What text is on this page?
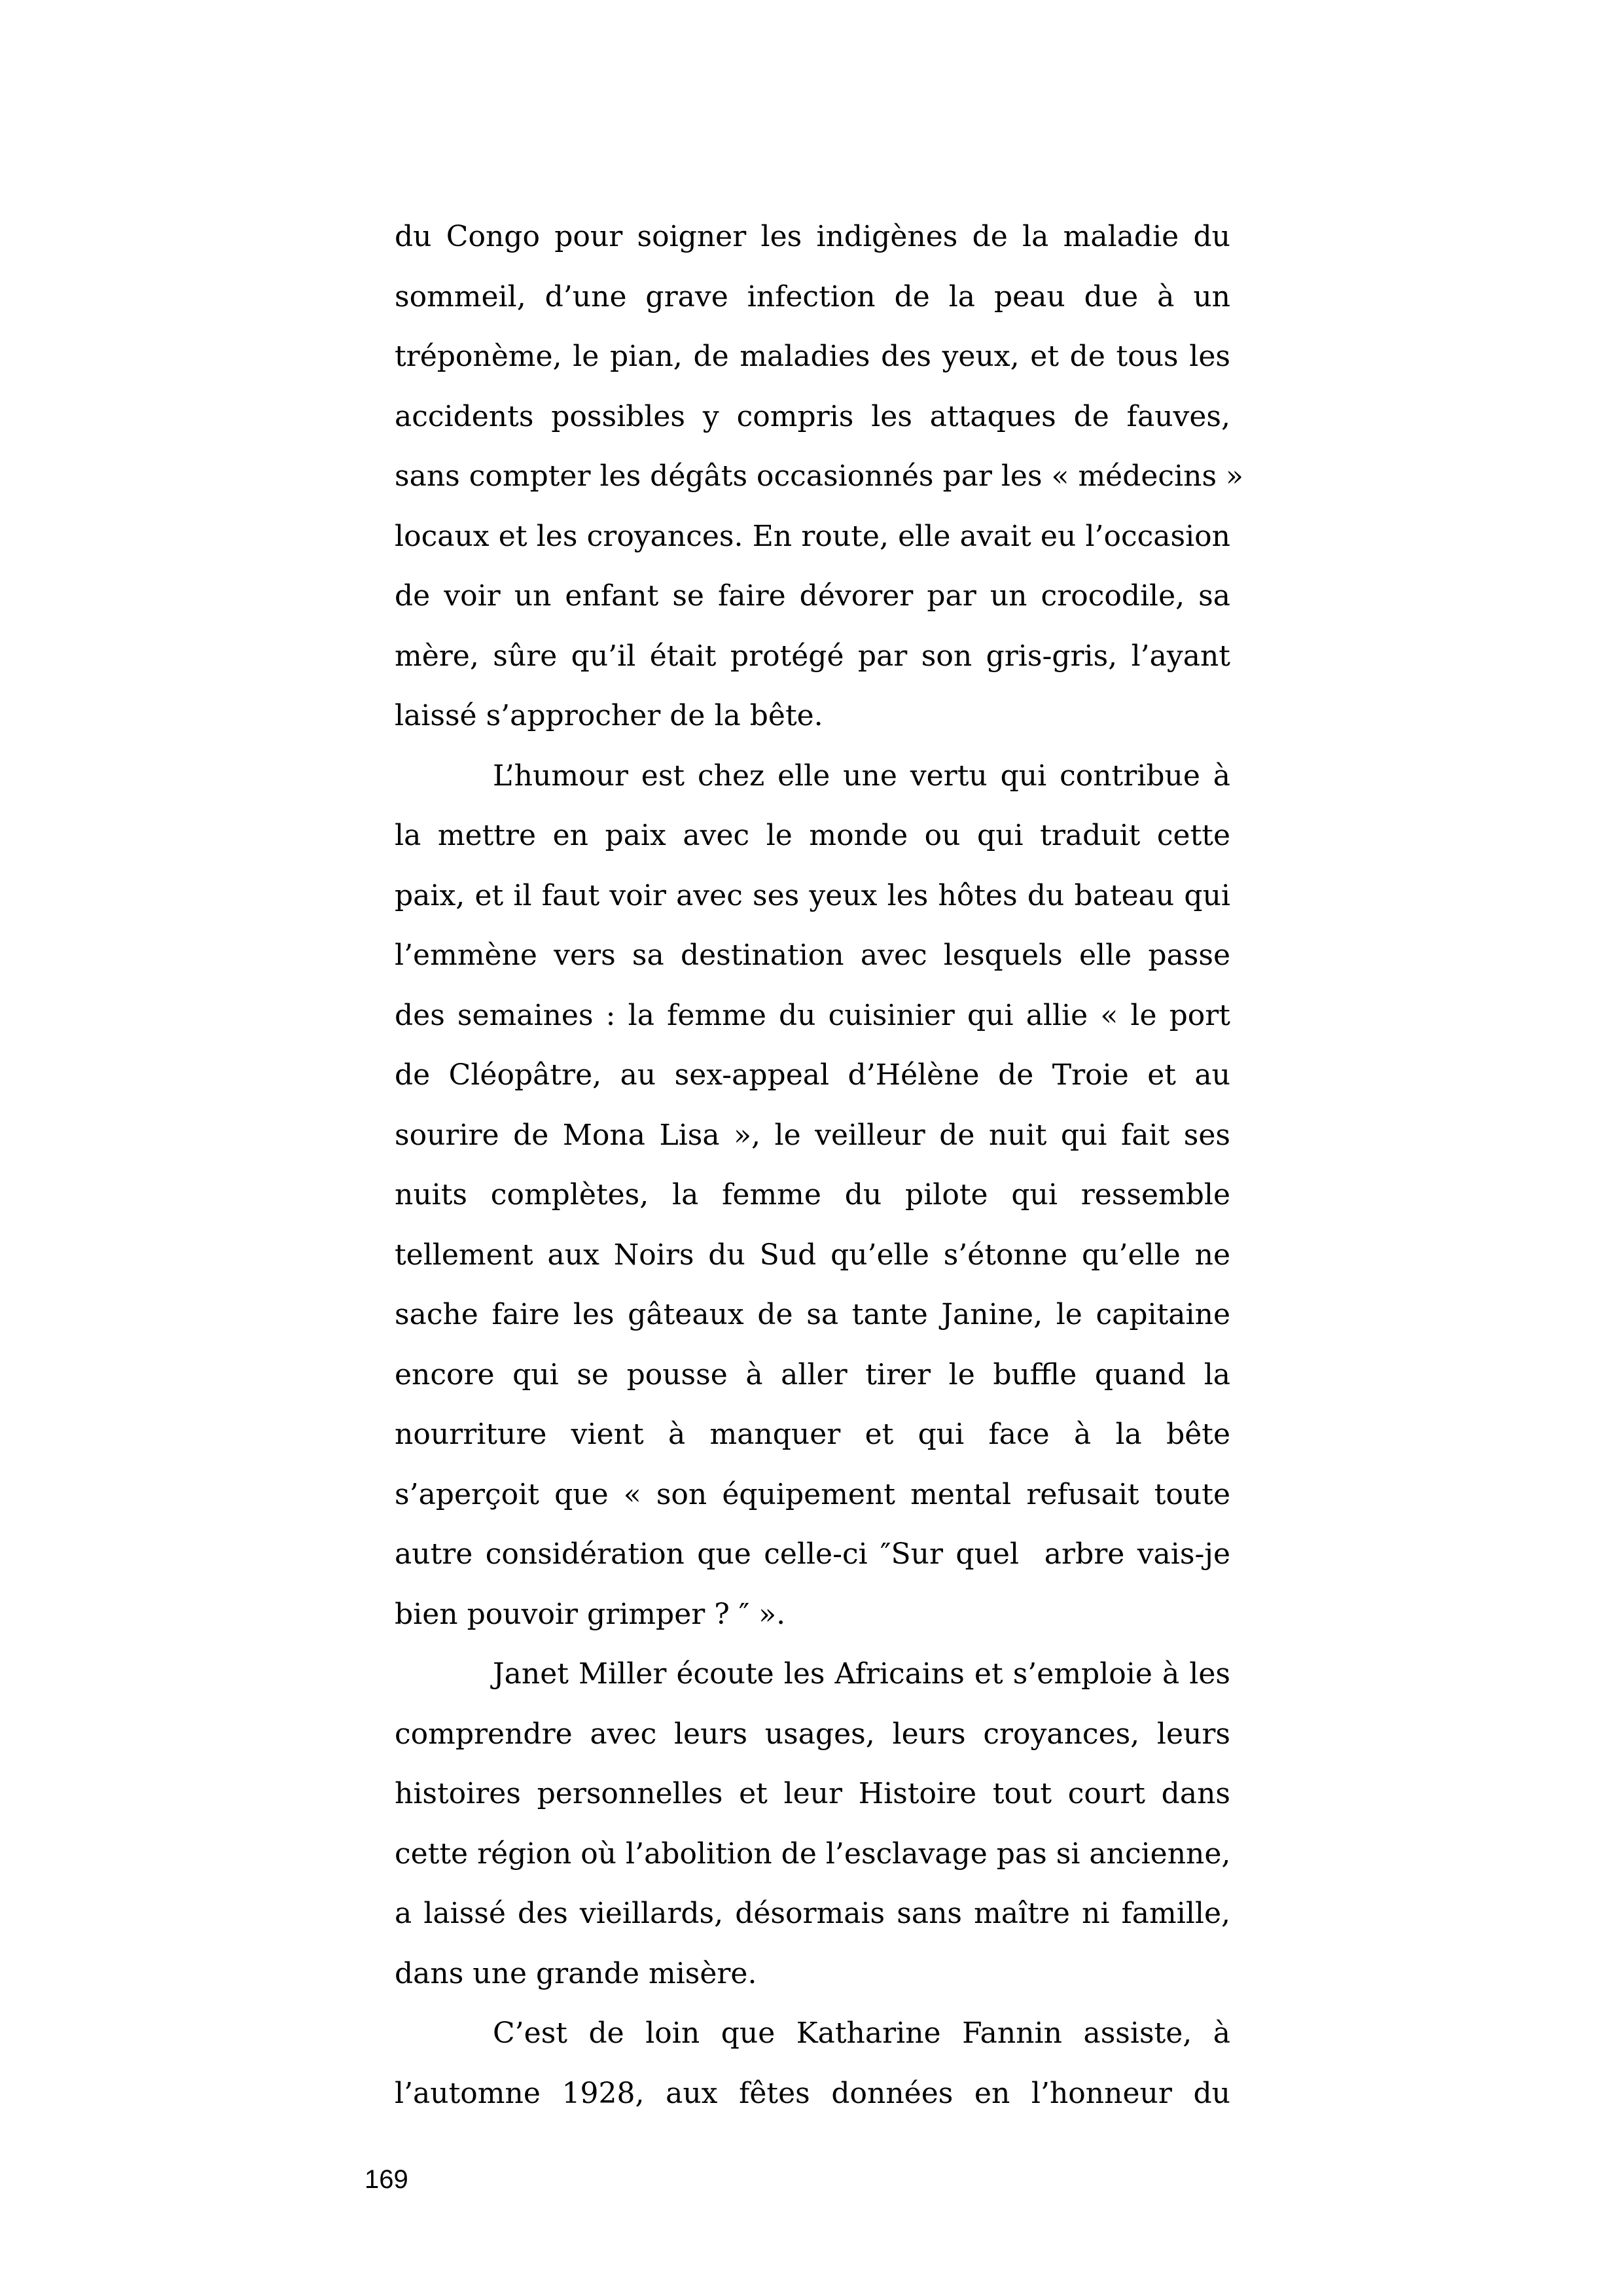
du Congo pour soigner les indigènes de la maladie du
sommeil, d’une grave infection de la peau due à un
tréponème, le pian, de maladies des yeux, et de tous les
accidents possibles y compris les attaques de fauves,
sans compter les dégâts occasionnés par les « médecins »
locaux et les croyances. En route, elle avait eu l’occasion
de voir un enfant se faire dévorer par un crocodile, sa
mère, sûre qu’il était protégé par son gris-gris, l’ayant
laissé s’approcher de la bête.
L’humour est chez elle une vertu qui contribue à
la mettre en paix avec le monde ou qui traduit cette
paix, et il faut voir avec ses yeux les hôtes du bateau qui
l’emmène vers sa destination avec lesquels elle passe
des semaines : la femme du cuisinier qui allie « le port
de Cléopâtre, au sex-appeal d’Hélène de Troie et au
sourire de Mona Lisa », le veilleur de nuit qui fait ses
nuits complètes, la femme du pilote qui ressemble
tellement aux Noirs du Sud qu’elle s’étonne qu’elle ne
sache faire les gâteaux de sa tante Janine, le capitaine
encore qui se pousse à aller tirer le buffle quand la
nourriture vient à manquer et qui face à la bête
s’aperçoit que « son équipement mental refusait toute
autre considération que celle-ci ″Sur quel  arbre vais-je
bien pouvoir grimper ? ″ ».
Janet Miller écoute les Africains et s’emploie à les
comprendre avec leurs usages, leurs croyances, leurs
histoires personnelles et leur Histoire tout court dans
cette région où l’abolition de l’esclavage pas si ancienne,
a laissé des vieillards, désormais sans maître ni famille,
dans une grande misère.
C’est de loin que Katharine Fannin assiste, à
l’automne 1928, aux fêtes données en l’honneur du
169
